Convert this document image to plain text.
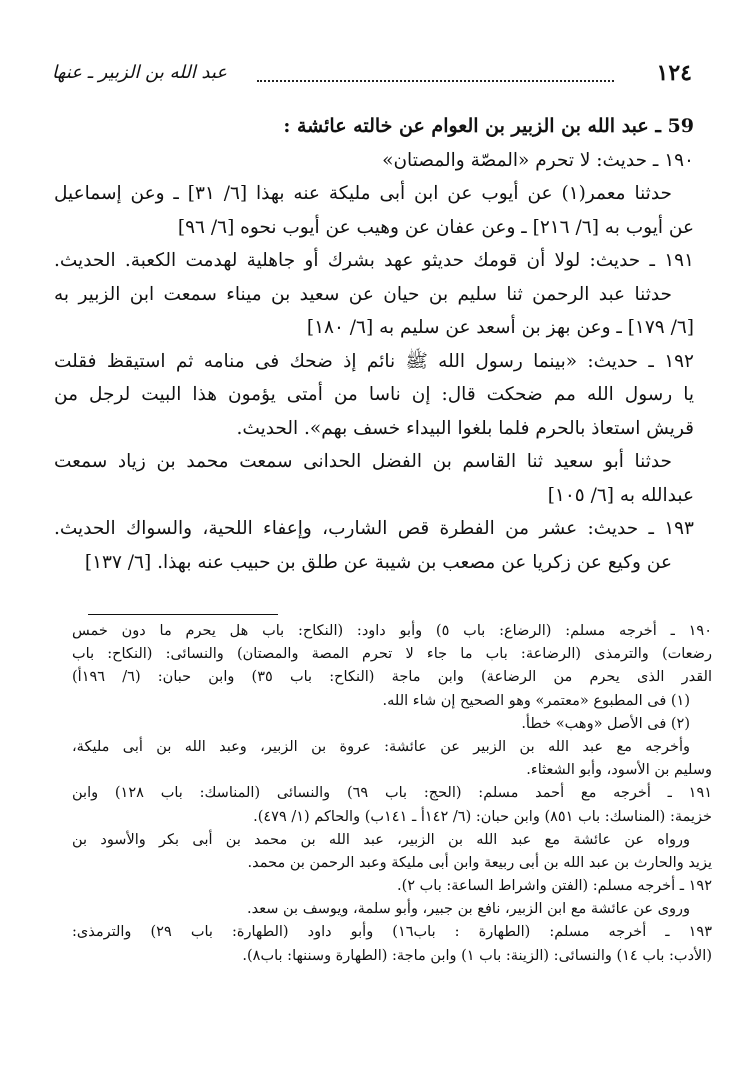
عبد الله بن الزبير ـ عنها	١٢٤
59 ـ عبد الله بن الزبير بن العوام عن خالته عائشة :
١٩٠ ـ حديث: لا تحرم «المصّة والمصتان»
حدثنا معمر(١) عن أيوب عن ابن أبى مليكة عنه بهذا [٦/ ٣١] ـ وعن إسماعيل
عن أيوب به [٦/ ٢١٦] ـ وعن عفان عن وهيب عن أيوب نحوه [٦/ ٩٦]
١٩١ ـ حديث: لولا أن قومك حديثو عهد بشرك أو جاهلية لهدمت الكعبة. الحديث.
حدثنا عبد الرحمن ثنا سليم بن حيان عن سعيد بن ميناء سمعت ابن الزبير به
[٦/ ١٧٩] ـ وعن بهز بن أسعد عن سليم به [٦/ ١٨٠]
١٩٢ ـ حديث: «بينما رسول الله ﷺ نائم إذ ضحك فى منامه ثم استيقظ فقلت
يا رسول الله مم ضحكت قال: إن ناسا من أمتى يؤمون هذا البيت لرجل من
قريش استعاذ بالحرم فلما بلغوا البيداء خسف بهم». الحديث.
حدثنا أبو سعيد ثنا القاسم بن الفضل الحدانى سمعت محمد بن زياد سمعت
عبدالله به [٦/ ١٠٥]
١٩٣ ـ حديث: عشر من الفطرة قص الشارب، وإعفاء اللحية، والسواك الحديث.
عن وكيع عن زكريا عن مصعب بن شيبة عن طلق بن حبيب عنه بهذا. [٦/ ١٣٧]
١٩٠ ـ أخرجه مسلم: (الرضاع: باب ٥) وأبو داود: (النكاح: باب هل يحرم ما دون خمس
رضعات) والترمذى (الرضاعة: باب ما جاء لا تحرم المصة والمصتان) والنسائى: (النكاح: باب
القدر الذى يحرم من الرضاعة) وابن ماجة (النكاح: باب ٣٥) وابن حبان: (٦/ ١٩٦أ)
(١) فى المطبوع «معتمر» وهو الصحيح إن شاء الله.
(٢) فى الأصل «وهب» خطأ.
وأخرجه مع عبد الله بن الزبير عن عائشة: عروة بن الزبير، وعبد الله بن أبى مليكة،
وسليم بن الأسود، وأبو الشعثاء.
١٩١ ـ أخرجه مع أحمد مسلم: (الحج: باب ٦٩) والنسائى (المناسك: باب ١٢٨) وابن
خزيمة: (المناسك: باب ٨٥١) وابن حبان: (٦/ ١٤٢أ ـ ١٤١ب) والحاكم (١/ ٤٧٩).
ورواه عن عائشة مع عبد الله بن الزبير، عبد الله بن محمد بن أبى بكر والأسود بن
يزيد والحارث بن عبد الله بن أبى ربيعة وابن أبى مليكة وعبد الرحمن بن محمد.
١٩٢ ـ أخرجه مسلم: (الفتن واشراط الساعة: باب ٢).
وروى عن عائشة مع ابن الزبير، نافع بن جبير، وأبو سلمة، ويوسف بن سعد.
١٩٣ ـ أخرجه مسلم: (الطهارة : باب١٦) وأبو داود (الطهارة: باب ٢٩) والترمذى:
(الأدب: باب ١٤) والنسائى: (الزينة: باب ١) وابن ماجة: (الطهارة وسننها: باب٨).
